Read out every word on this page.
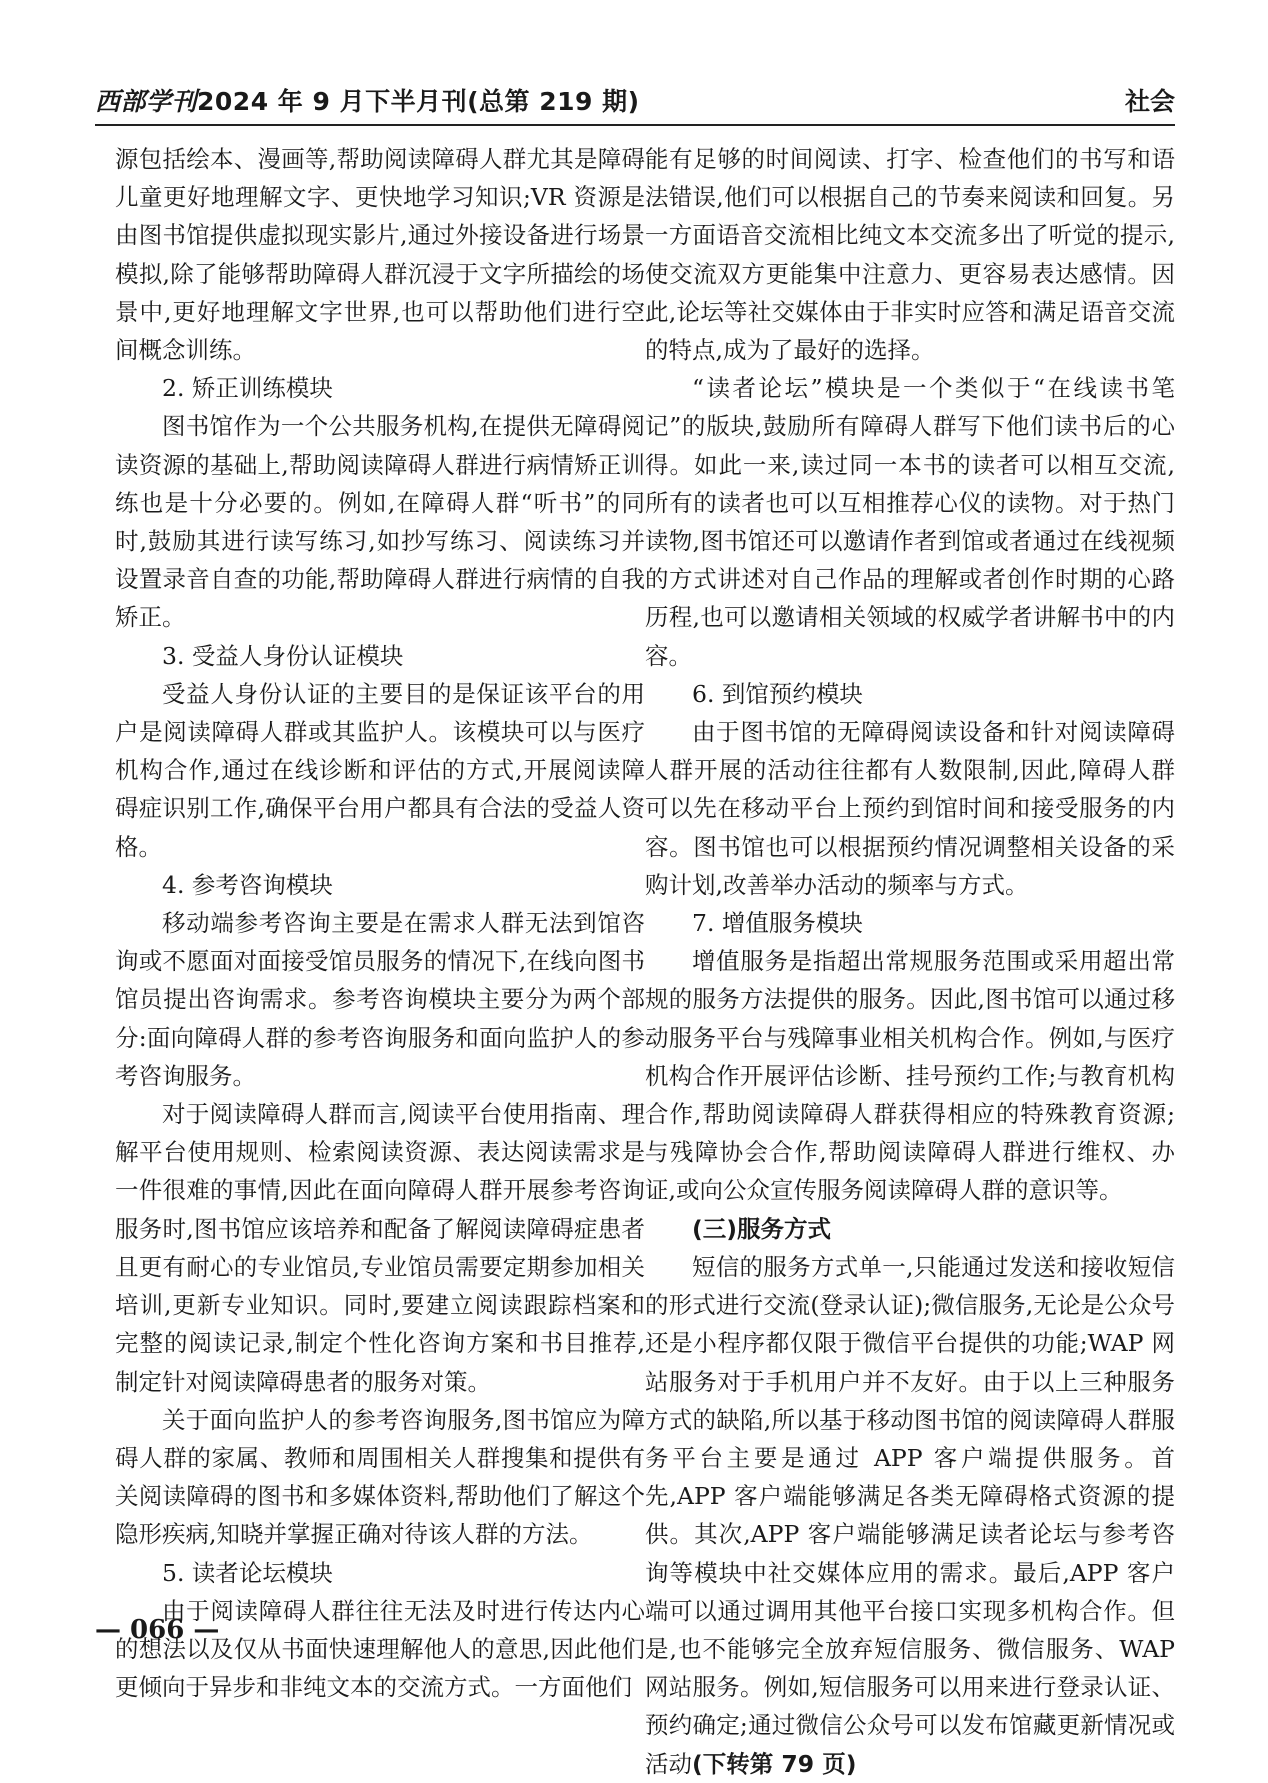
西部学刊2024 年 9 月下半月刊(总第 219 期)	社会

源包括绘本、漫画等,帮助阅读障碍人群尤其是障碍儿童更好地理解文字、更快地学习知识;VR 资源是由图书馆提供虚拟现实影片,通过外接设备进行场景模拟,除了能够帮助障碍人群沉浸于文字所描绘的场景中,更好地理解文字世界,也可以帮助他们进行空间概念训练。

2. 矫正训练模块

图书馆作为一个公共服务机构,在提供无障碍阅读资源的基础上,帮助阅读障碍人群进行病情矫正训练也是十分必要的。例如,在障碍人群“听书”的同时,鼓励其进行读写练习,如抄写练习、阅读练习并设置录音自查的功能,帮助障碍人群进行病情的自我矫正。

3. 受益人身份认证模块

受益人身份认证的主要目的是保证该平台的用户是阅读障碍人群或其监护人。该模块可以与医疗机构合作,通过在线诊断和评估的方式,开展阅读障碍症识别工作,确保平台用户都具有合法的受益人资格。

4. 参考咨询模块

移动端参考咨询主要是在需求人群无法到馆咨询或不愿面对面接受馆员服务的情况下,在线向图书馆员提出咨询需求。参考咨询模块主要分为两个部分:面向障碍人群的参考咨询服务和面向监护人的参考咨询服务。

对于阅读障碍人群而言,阅读平台使用指南、理解平台使用规则、检索阅读资源、表达阅读需求是一件很难的事情,因此在面向障碍人群开展参考咨询服务时,图书馆应该培养和配备了解阅读障碍症患者且更有耐心的专业馆员,专业馆员需要定期参加相关培训,更新专业知识。同时,要建立阅读跟踪档案和完整的阅读记录,制定个性化咨询方案和书目推荐,制定针对阅读障碍患者的服务对策。

关于面向监护人的参考咨询服务,图书馆应为障碍人群的家属、教师和周围相关人群搜集和提供有关阅读障碍的图书和多媒体资料,帮助他们了解这个隐形疾病,知晓并掌握正确对待该人群的方法。

5. 读者论坛模块

由于阅读障碍人群往往无法及时进行传达内心的想法以及仅从书面快速理解他人的意思,因此他们更倾向于异步和非纯文本的交流方式。一方面他们

能有足够的时间阅读、打字、检查他们的书写和语法错误,他们可以根据自己的节奏来阅读和回复。另一方面语音交流相比纯文本交流多出了听觉的提示,使交流双方更能集中注意力、更容易表达感情。因此,论坛等社交媒体由于非实时应答和满足语音交流的特点,成为了最好的选择。

“读者论坛”模块是一个类似于“在线读书笔记”的版块,鼓励所有障碍人群写下他们读书后的心得。如此一来,读过同一本书的读者可以相互交流,所有的读者也可以互相推荐心仪的读物。对于热门读物,图书馆还可以邀请作者到馆或者通过在线视频的方式讲述对自己作品的理解或者创作时期的心路历程,也可以邀请相关领域的权威学者讲解书中的内容。

6. 到馆预约模块

由于图书馆的无障碍阅读设备和针对阅读障碍人群开展的活动往往都有人数限制,因此,障碍人群可以先在移动平台上预约到馆时间和接受服务的内容。图书馆也可以根据预约情况调整相关设备的采购计划,改善举办活动的频率与方式。

7. 增值服务模块

增值服务是指超出常规服务范围或采用超出常规的服务方法提供的服务。因此,图书馆可以通过移动服务平台与残障事业相关机构合作。例如,与医疗机构合作开展评估诊断、挂号预约工作;与教育机构合作,帮助阅读障碍人群获得相应的特殊教育资源;与残障协会合作,帮助阅读障碍人群进行维权、办证,或向公众宣传服务阅读障碍人群的意识等。

(三)服务方式

短信的服务方式单一,只能通过发送和接收短信的形式进行交流(登录认证);微信服务,无论是公众号还是小程序都仅限于微信平台提供的功能;WAP 网站服务对于手机用户并不友好。由于以上三种服务方式的缺陷,所以基于移动图书馆的阅读障碍人群服务平台主要是通过 APP 客户端提供服务。首先,APP 客户端能够满足各类无障碍格式资源的提供。其次,APP 客户端能够满足读者论坛与参考咨询等模块中社交媒体应用的需求。最后,APP 客户端可以通过调用其他平台接口实现多机构合作。但是,也不能够完全放弃短信服务、微信服务、WAP 网站服务。例如,短信服务可以用来进行登录认证、预约确定;通过微信公众号可以发布馆藏更新情况或活动(下转第 79 页)

— 066 —
